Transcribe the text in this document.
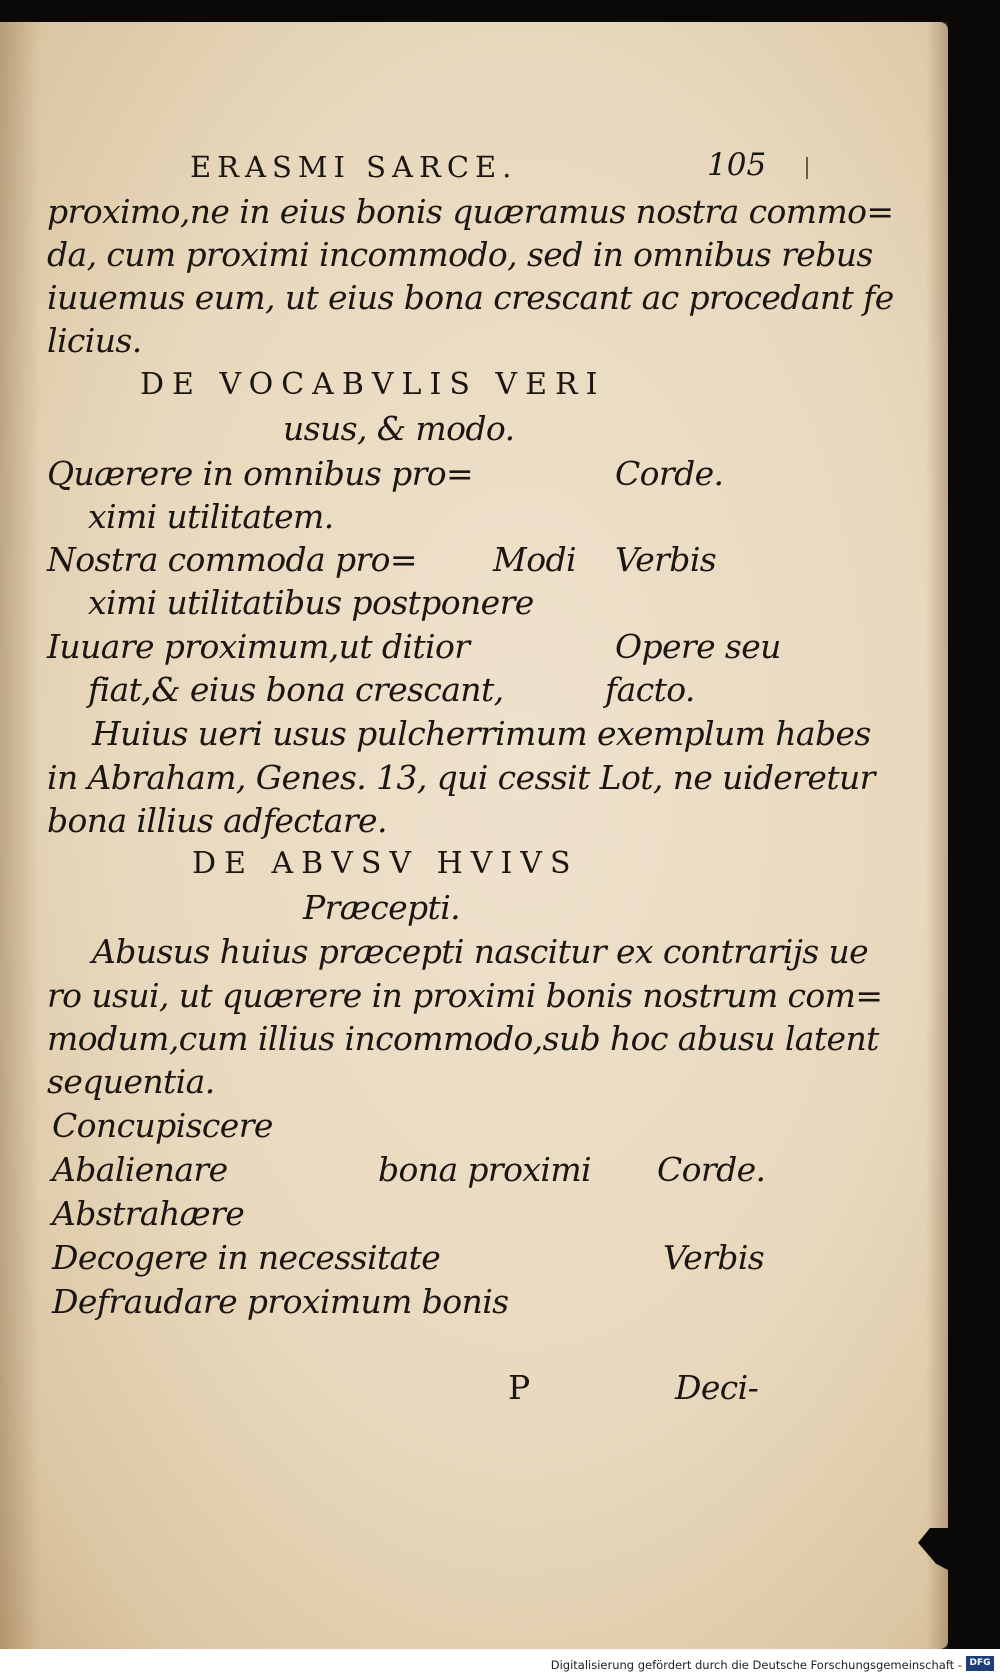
ERASMI SARCE.	105
proximo,ne in eius bonis quæramus nostra commo=
da, cum proximi incommodo, sed in omnibus rebus
iuuemus eum, ut eius bona crescant ac procedant fe
licius.
DE VOCABVLIS VERI
usus, & modo.
Quærere in omnibus pro=
ximi utilitatem.
Nostra commoda pro=
ximi utilitatibus postponere
Iuuare proximum,ut ditior
fiat,& eius bona crescant,
Modi
Corde.
Verbis
Opere seu
facto.
Huius ueri usus pulcherrimum exemplum habes
in Abraham, Genes. 13, qui cessit Lot, ne uideretur
bona illius adfectare.
DE ABVSV HVIVS
Præcepti.
Abusus huius præcepti nascitur ex contrarijs ue
ro usui, ut quærere in proximi bonis nostrum com=
modum,cum illius incommodo,sub hoc abusu latent
sequentia.
Concupiscere
Abalienare
Abstrahære
Decogere in necessitate
Defraudare proximum bonis
bona proximi Corde.
Verbis
P	Deci-
Digitalisierung gefördert durch die Deutsche Forschungsgemeinschaft - DFG
